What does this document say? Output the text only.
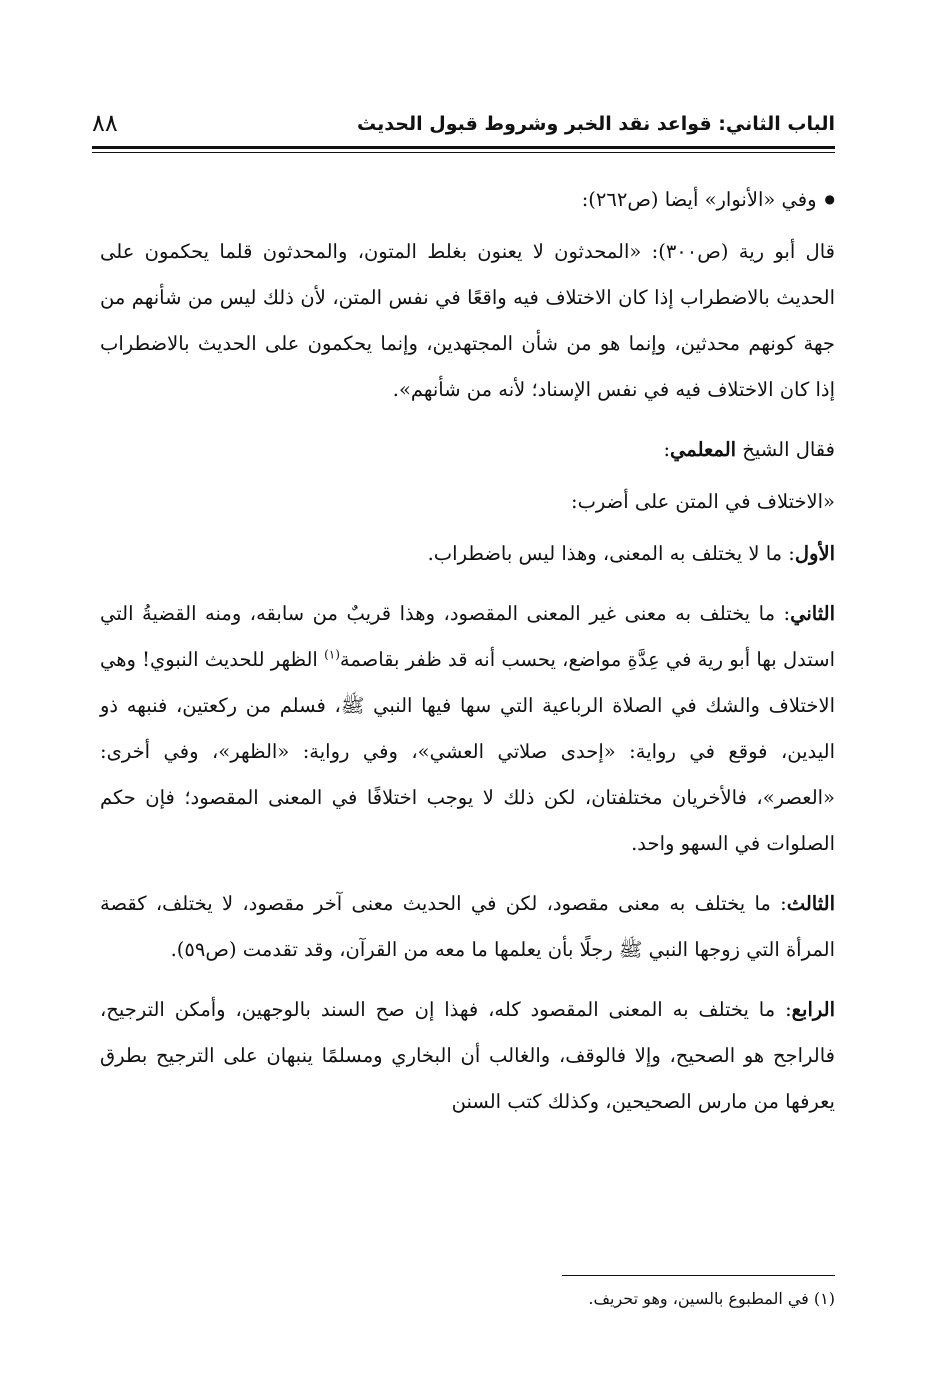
الباب الثاني: قواعد نقد الخبر وشروط قبول الحديث
٨٨

● وفي «الأنوار» أيضا (ص٢٦٢):

قال أبو رية (ص٣٠٠): «المحدثون لا يعنون بغلط المتون، والمحدثون قلما يحكمون على الحديث بالاضطراب إذا كان الاختلاف فيه واقعًا في نفس المتن، لأن ذلك ليس من شأنهم من جهة كونهم محدثين، وإنما هو من شأن المجتهدين، وإنما يحكمون على الحديث بالاضطراب إذا كان الاختلاف فيه في نفس الإسناد؛ لأنه من شأنهم».

فقال الشيخ المعلمي:

«الاختلاف في المتن على أضرب:

الأول: ما لا يختلف به المعنى، وهذا ليس باضطراب.

الثاني: ما يختلف به معنى غير المعنى المقصود، وهذا قريبٌ من سابقه، ومنه القضيةُ التي استدل بها أبو رية في عِدَّةِ مواضع، يحسب أنه قد ظفر بقاصمة$^{(١)}$ الظهر للحديث النبوي! وهي الاختلاف والشك في الصلاة الرباعية التي سها فيها النبي ﷺ، فسلم من ركعتين، فنبهه ذو اليدين، فوقع في رواية: «إحدى صلاتي العشي»، وفي رواية: «الظهر»، وفي أخرى: «العصر»، فالأخريان مختلفتان، لكن ذلك لا يوجب اختلافًا في المعنى المقصود؛ فإن حكم الصلوات في السهو واحد.

الثالث: ما يختلف به معنى مقصود، لكن في الحديث معنى آخر مقصود، لا يختلف، كقصة المرأة التي زوجها النبي ﷺ رجلًا بأن يعلمها ما معه من القرآن، وقد تقدمت (ص٥٩).

الرابع: ما يختلف به المعنى المقصود كله، فهذا إن صح السند بالوجهين، وأمكن الترجيح، فالراجح هو الصحيح، وإلا فالوقف، والغالب أن البخاري ومسلمًا ينبهان على الترجيح بطرق يعرفها من مارس الصحيحين، وكذلك كتب السنن

(١) في المطبوع بالسين، وهو تحريف.
